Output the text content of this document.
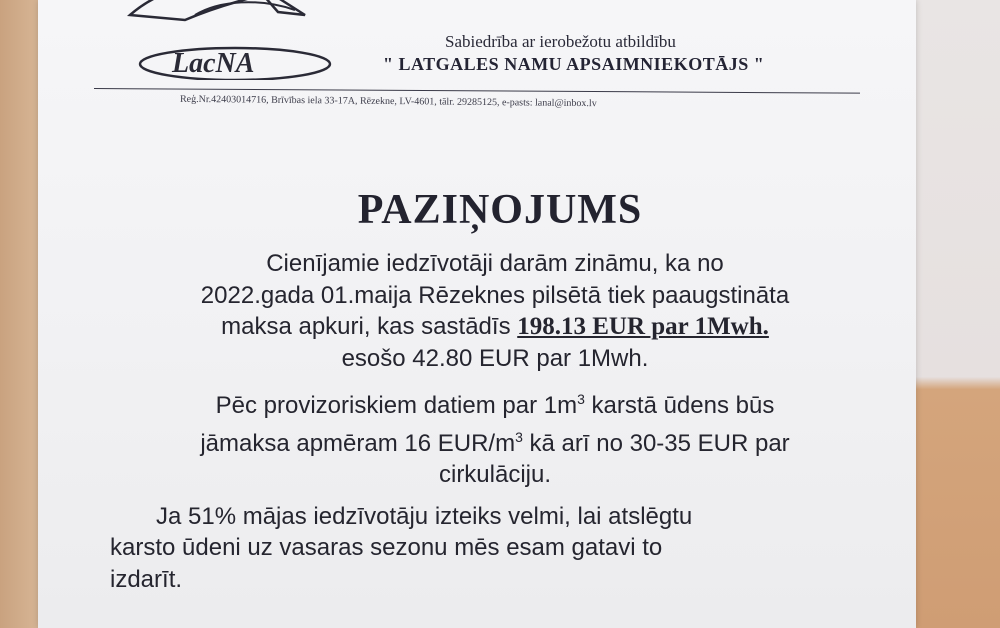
LacNA
Sabiedrība ar ierobežotu atbildību
" LATGALES NAMU APSAIMNIEKOTĀJS "
Reģ.Nr.42403014716, Brīvības iela 33-17A, Rēzekne, LV-4601, tālr. 29285125, e-pasts: lanal@inbox.lv
PAZIŅOJUMS
Cienījamie iedzīvotāji darām zināmu, ka no
2022.gada 01.maija Rēzeknes pilsētā tiek paaugstināta
maksa apkuri, kas sastādīs 198.13 EUR par 1Mwh.
esošo 42.80 EUR par 1Mwh.
Pēc provizoriskiem datiem par $1m^3$ karstā ūdens būs
jāmaksa apmēram 16 EUR/$m^3$ kā arī no 30-35 EUR par
cirkulāciju.
Ja 51% mājas iedzīvotāju izteiks velmi, lai atslēgtu
karsto ūdeni uz vasaras sezonu mēs esam gatavi to
izdarīt.
